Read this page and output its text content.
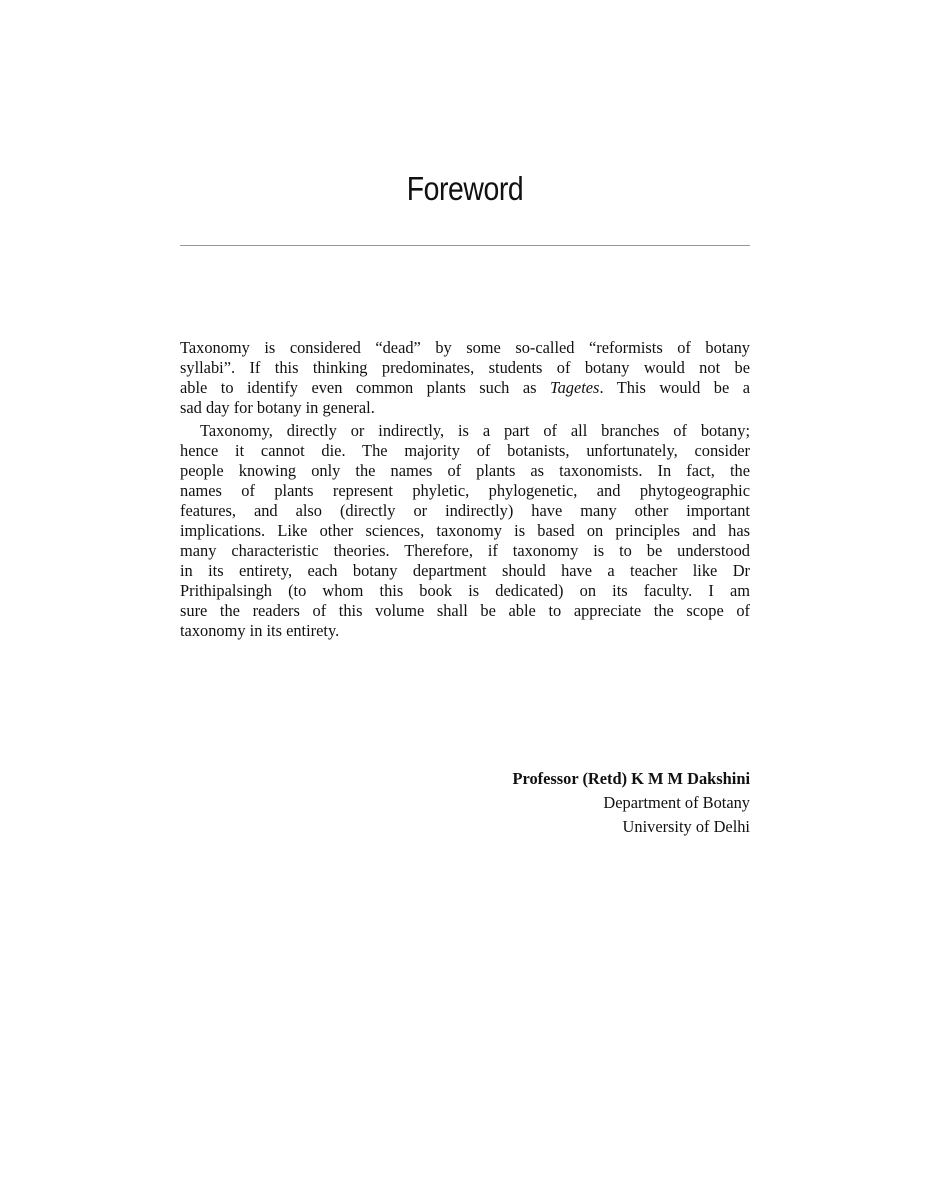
Foreword
Taxonomy is considered “dead” by some so-called “reformists of botany
syllabi”. If this thinking predominates, students of botany would not be
able to identify even common plants such as Tagetes. This would be a
sad day for botany in general.
Taxonomy, directly or indirectly, is a part of all branches of botany;
hence it cannot die. The majority of botanists, unfortunately, consider
people knowing only the names of plants as taxonomists. In fact, the
names of plants represent phyletic, phylogenetic, and phytogeographic
features, and also (directly or indirectly) have many other important
implications. Like other sciences, taxonomy is based on principles and has
many characteristic theories. Therefore, if taxonomy is to be understood
in its entirety, each botany department should have a teacher like Dr
Prithipalsingh (to whom this book is dedicated) on its faculty. I am
sure the readers of this volume shall be able to appreciate the scope of
taxonomy in its entirety.
Professor (Retd) K M M Dakshini
Department of Botany
University of Delhi
